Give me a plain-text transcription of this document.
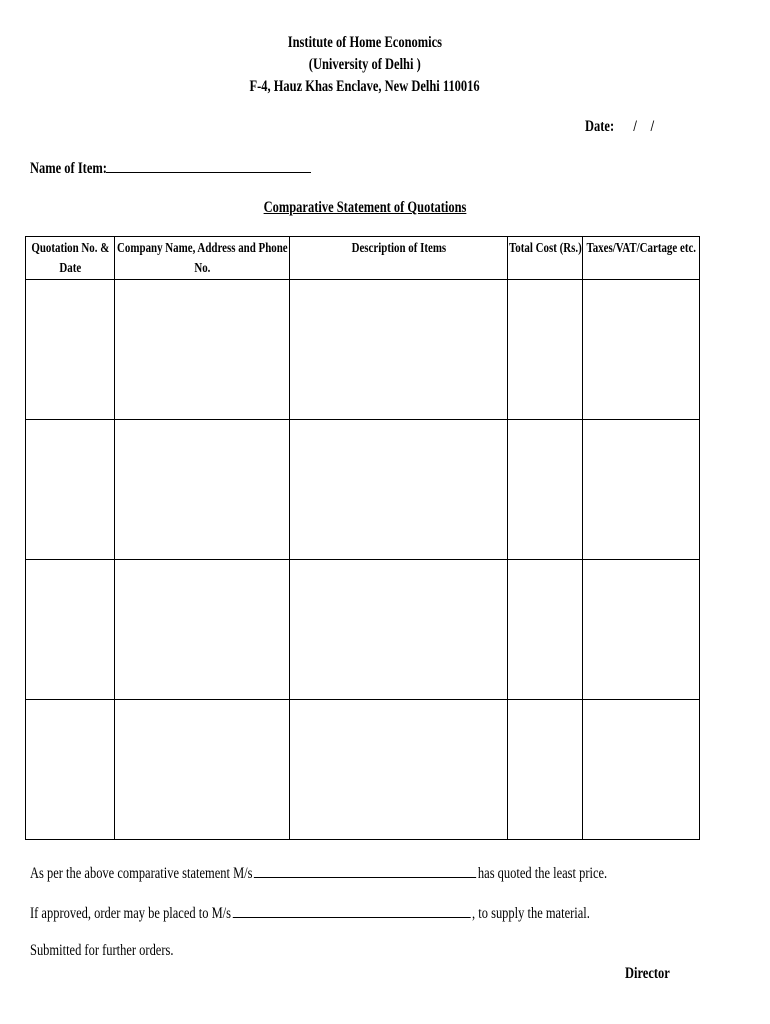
Institute of Home Economics
(University of Delhi )
F-4, Hauz Khas Enclave, New Delhi 110016
Date: / /
Name of Item:
Comparative Statement of Quotations
Quotation No. & Date	Company Name, Address and Phone No.	Description of Items	Total Cost (Rs.)	Taxes/VAT/Cartage etc.

As per the above comparative statement M/s	has quoted the least price.
If approved, order may be placed to M/s	, to supply the material.
Submitted for further orders.
Director
